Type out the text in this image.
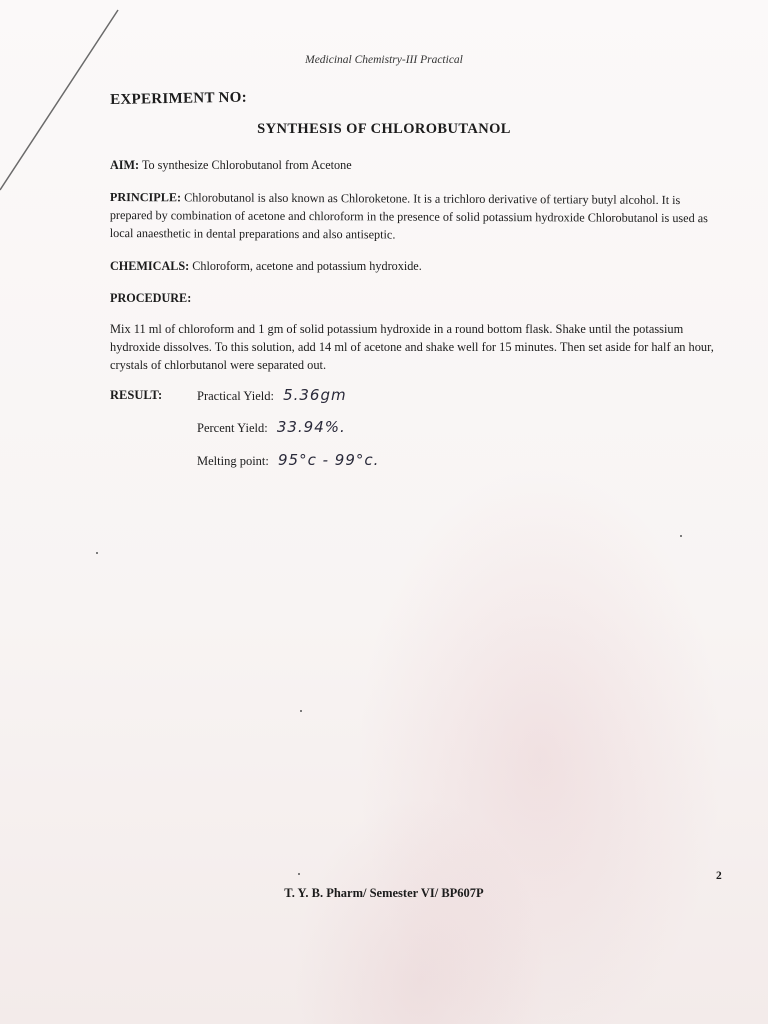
Medicinal Chemistry-III Practical
EXPERIMENT NO:
SYNTHESIS OF CHLOROBUTANOL
AIM: To synthesize Chlorobutanol from Acetone
PRINCIPLE: Chlorobutanol is also known as Chloroketone. It is a trichloro derivative of tertiary butyl alcohol. It is prepared by combination of acetone and chloroform in the presence of solid potassium hydroxide Chlorobutanol is used as local anaesthetic in dental preparations and also antiseptic.
CHEMICALS: Chloroform, acetone and potassium hydroxide.
PROCEDURE:
Mix 11 ml of chloroform and 1 gm of solid potassium hydroxide in a round bottom flask. Shake until the potassium hydroxide dissolves. To this solution, add 14 ml of acetone and shake well for 15 minutes. Then set aside for half an hour, crystals of chlorbutanol were separated out.
RESULT:	Practical Yield: 5.36gm
Percent Yield: 33.94%.
Melting point: 95°c - 99°c.
2
T. Y. B. Pharm/ Semester VI/ BP607P
